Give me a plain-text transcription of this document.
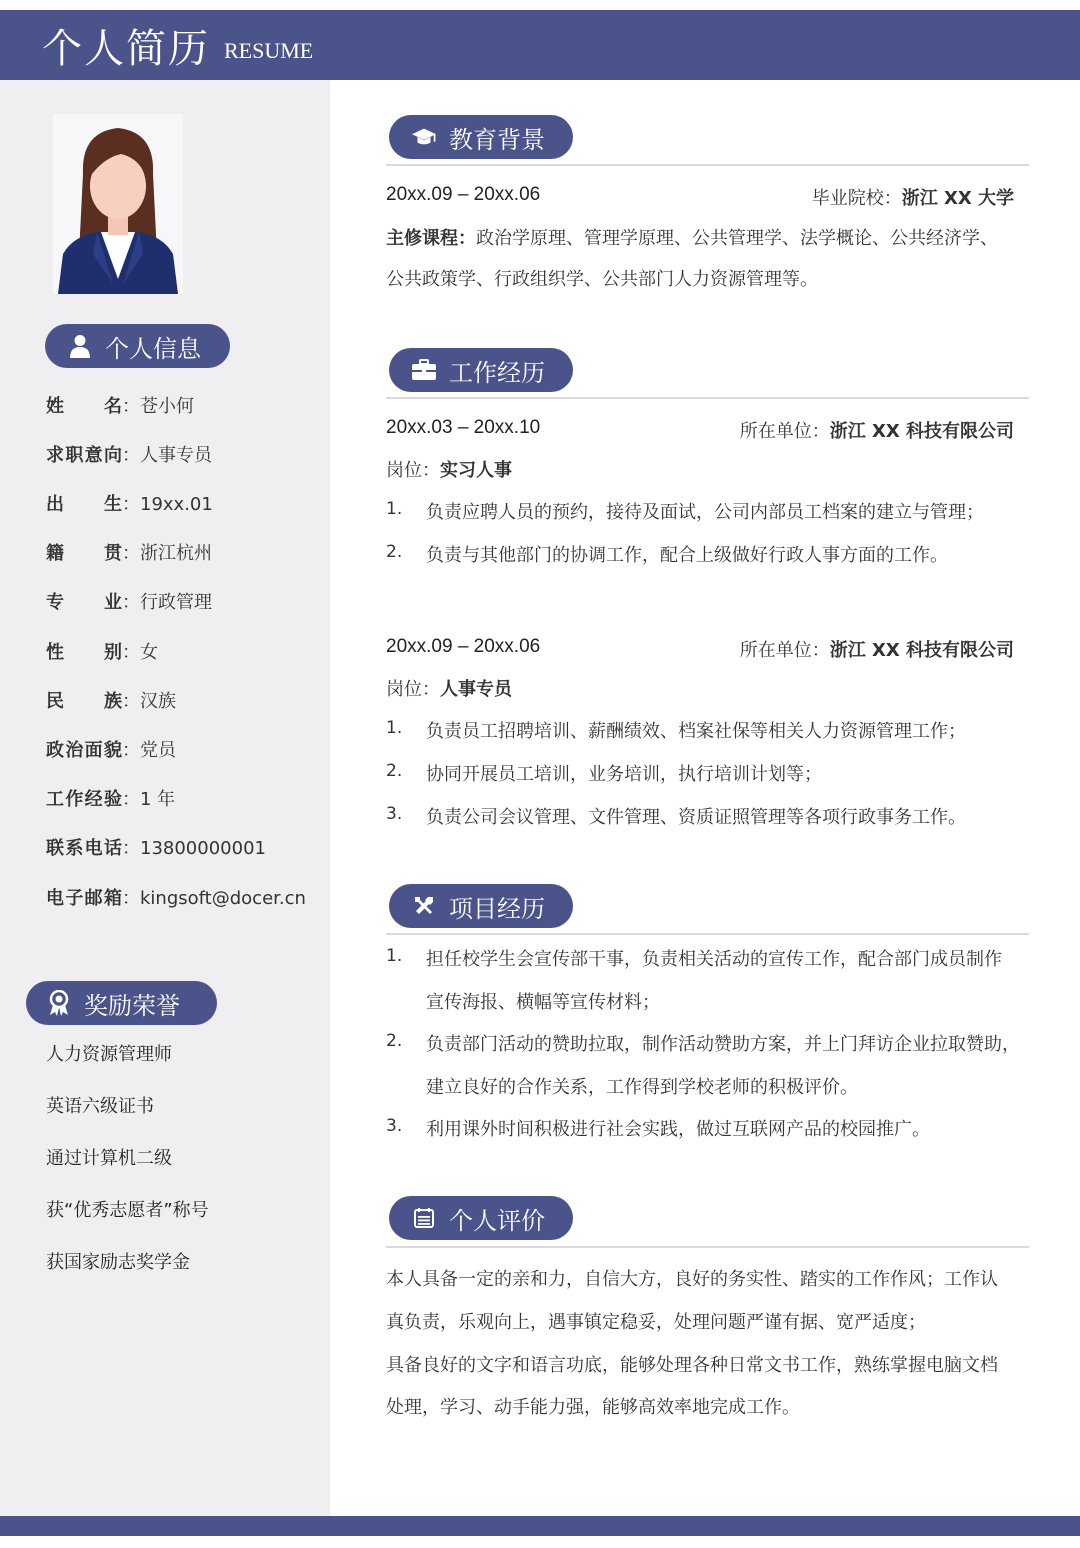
个人简历 RESUME
个人信息
姓名：苍小何
求职意向：人事专员
出生：19xx.01
籍贯：浙江杭州
专业：行政管理
性别：女
民族：汉族
政治面貌：党员
工作经验：1 年
联系电话：13800000001
电子邮箱：kingsoft@docer.cn
奖励荣誉
人力资源管理师
英语六级证书
通过计算机二级
获“优秀志愿者”称号
获国家励志奖学金
教育背景
20xx.09 – 20xx.06	毕业院校：浙江 XX 大学
主修课程：政治学原理、管理学原理、公共管理学、法学概论、公共经济学、
公共政策学、行政组织学、公共部门人力资源管理等。
工作经历
20xx.03 – 20xx.10	所在单位：浙江 XX 科技有限公司
岗位：实习人事
1. 负责应聘人员的预约，接待及面试，公司内部员工档案的建立与管理；
2. 负责与其他部门的协调工作，配合上级做好行政人事方面的工作。
20xx.09 – 20xx.06	所在单位：浙江 XX 科技有限公司
岗位：人事专员
1. 负责员工招聘培训、薪酬绩效、档案社保等相关人力资源管理工作；
2. 协同开展员工培训，业务培训，执行培训计划等；
3. 负责公司会议管理、文件管理、资质证照管理等各项行政事务工作。
项目经历
1. 担任校学生会宣传部干事，负责相关活动的宣传工作，配合部门成员制作
宣传海报、横幅等宣传材料；
2. 负责部门活动的赞助拉取，制作活动赞助方案，并上门拜访企业拉取赞助，
建立良好的合作关系，工作得到学校老师的积极评价。
3. 利用课外时间积极进行社会实践，做过互联网产品的校园推广。
个人评价
本人具备一定的亲和力，自信大方，良好的务实性、踏实的工作作风；工作认
真负责，乐观向上，遇事镇定稳妥，处理问题严谨有据、宽严适度；
具备良好的文字和语言功底，能够处理各种日常文书工作，熟练掌握电脑文档
处理，学习、动手能力强，能够高效率地完成工作。
